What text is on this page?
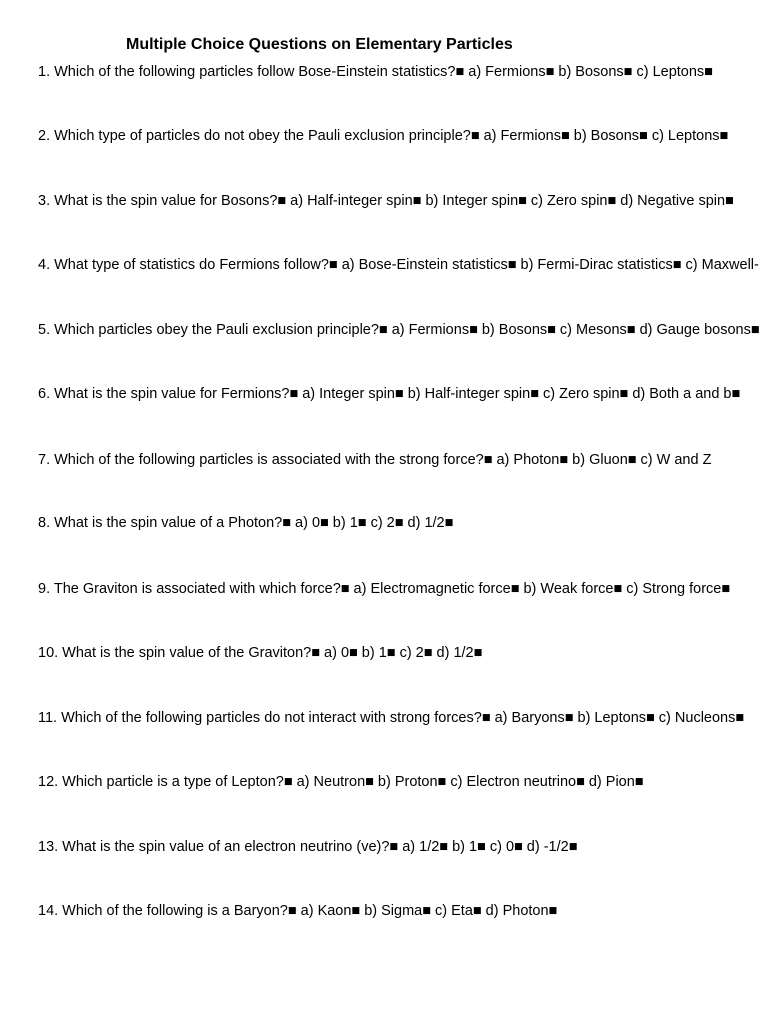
Multiple Choice Questions on Elementary Particles
1. Which of the following particles follow Bose-Einstein statistics?■ a) Fermions■ b) Bosons■ c) Leptons■
2. Which type of particles do not obey the Pauli exclusion principle?■ a) Fermions■ b) Bosons■ c) Leptons■
3. What is the spin value for Bosons?■ a) Half-integer spin■ b) Integer spin■ c) Zero spin■ d) Negative spin■
4. What type of statistics do Fermions follow?■ a) Bose-Einstein statistics■ b) Fermi-Dirac statistics■ c) Maxwell-
5. Which particles obey the Pauli exclusion principle?■ a) Fermions■ b) Bosons■ c) Mesons■ d) Gauge bosons■
6. What is the spin value for Fermions?■ a) Integer spin■ b) Half-integer spin■ c) Zero spin■ d) Both a and b■
7. Which of the following particles is associated with the strong force?■ a) Photon■ b) Gluon■ c) W and Z
8. What is the spin value of a Photon?■ a) 0■ b) 1■ c) 2■ d) 1/2■
9. The Graviton is associated with which force?■ a) Electromagnetic force■ b) Weak force■ c) Strong force■
10. What is the spin value of the Graviton?■ a) 0■ b) 1■ c) 2■ d) 1/2■
11. Which of the following particles do not interact with strong forces?■ a) Baryons■ b) Leptons■ c) Nucleons■
12. Which particle is a type of Lepton?■ a) Neutron■ b) Proton■ c) Electron neutrino■ d) Pion■
13. What is the spin value of an electron neutrino (ve)?■ a) 1/2■ b) 1■ c) 0■ d) -1/2■
14. Which of the following is a Baryon?■ a) Kaon■ b) Sigma■ c) Eta■ d) Photon■
